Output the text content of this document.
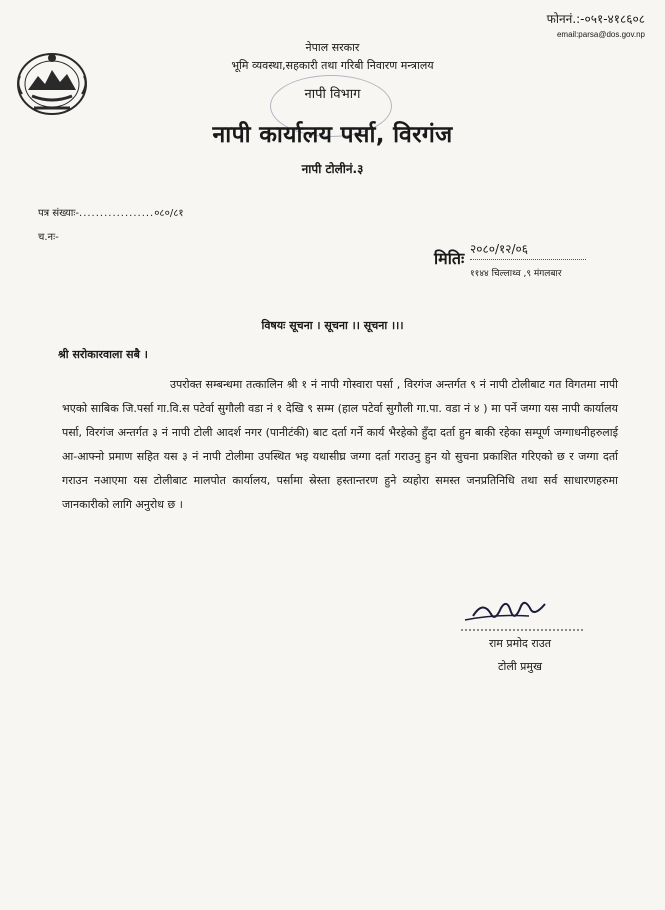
फोननं.:-०५१-४१८६०८
email:parsa@dos.gov.np
नेपाल सरकार
भूमि व्यवस्था,सहकारी तथा गरिबी निवारण मन्त्रालय
नापी विभाग
नापी कार्यालय पर्सा, विरगंज
नापी टोलीनं.३
पत्र संख्याः-..................०८०/८१
च.नः-
मितिः २०८०/१२/०६
११४४ चिल्लाथ्व ,९ मंगलबार
विषयः सूचना । सूचना ।। सूचना ।।।
श्री सरोकारवाला सबै ।
उपरोक्त सम्बन्धमा तत्कालिन श्री १ नं नापी गोस्वारा पर्सा , विरगंज अन्तर्गत ९ नं नापी टोलीबाट गत विगतमा नापी भएको साबिक जि.पर्सा गा.वि.स पटेर्वा सुगौली वडा नं १ देखि ९ सम्म (हाल पटेर्वा सुगौली गा.पा. वडा नं ४ ) मा पर्ने जग्गा यस नापी कार्यालय पर्सा, विरगंज अन्तर्गत ३ नं नापी टोली आदर्श नगर (पानीटंकी) बाट दर्ता गर्ने कार्य भैरहेको हुँदा दर्ता हुन बाकी रहेका सम्पूर्ण जग्गाधनीहरुलाई आ-आफ्नो प्रमाण सहित यस ३ नं नापी टोलीमा उपस्थित भइ यथासीघ्र जग्गा दर्ता गराउनु हुन यो सुचना प्रकाशित गरिएको छ र जग्गा दर्ता गराउन नआएमा यस टोलीबाट मालपोत कार्यालय, पर्सामा स्रेस्ता हस्तान्तरण हुने व्यहोरा समस्त जनप्रतिनिधि तथा सर्व साधारणहरुमा जानकारीको लागि अनुरोध छ ।
राम प्रमोद राउत
टोली प्रमुख
